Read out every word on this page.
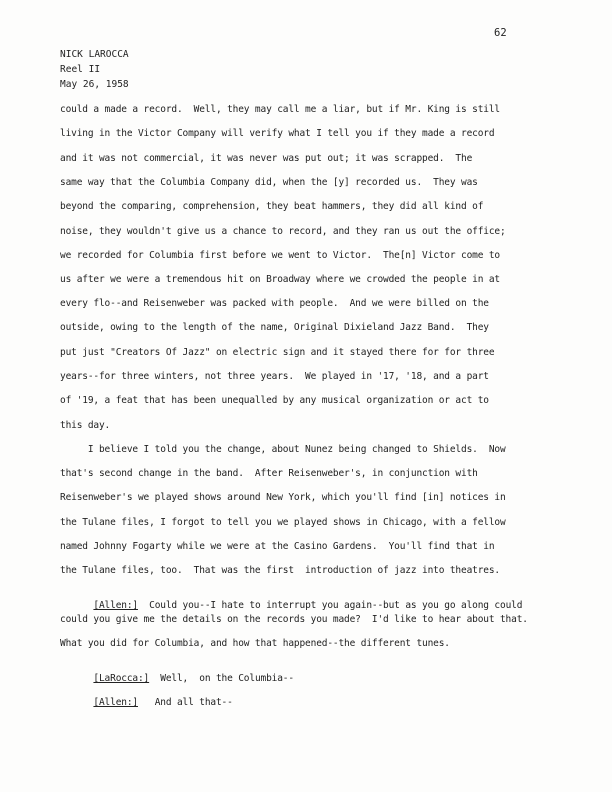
62
NICK LAROCCA
Reel II
May 26, 1958
could a made a record.  Well, they may call me a liar, but if Mr. King is still
living in the Victor Company will verify what I tell you if they made a record
and it was not commercial, it was never was put out; it was scrapped.  The
same way that the Columbia Company did, when the [y] recorded us.  They was
beyond the comparing, comprehension, they beat hammers, they did all kind of
noise, they wouldn't give us a chance to record, and they ran us out the office;
we recorded for Columbia first before we went to Victor.  The[n] Victor come to
us after we were a tremendous hit on Broadway where we crowded the people in at
every flo--and Reisenweber was packed with people.  And we were billed on the
outside, owing to the length of the name, Original Dixieland Jazz Band.  They
put just "Creators Of Jazz" on electric sign and it stayed there for for three
years--for three winters, not three years.  We played in '17, '18, and a part
of '19, a feat that has been unequalled by any musical organization or act to
this day.
I believe I told you the change, about Nunez being changed to Shields.  Now
that's second change in the band.  After Reisenweber's, in conjunction with
Reisenweber's we played shows around New York, which you'll find [in] notices in
the Tulane files, I forgot to tell you we played shows in Chicago, with a fellow
named Johnny Fogarty while we were at the Casino Gardens.  You'll find that in
the Tulane files, too.  That was the first  introduction of jazz into theatres.

[Allen:]  Could you--I hate to interrupt you again--but as you go along could

could you give me the details on the records you made?  I'd like to hear about that.
What you did for Columbia, and how that happened--the different tunes.

[LaRocca:]  Well,  on the Columbia--

[Allen:]   And all that--
